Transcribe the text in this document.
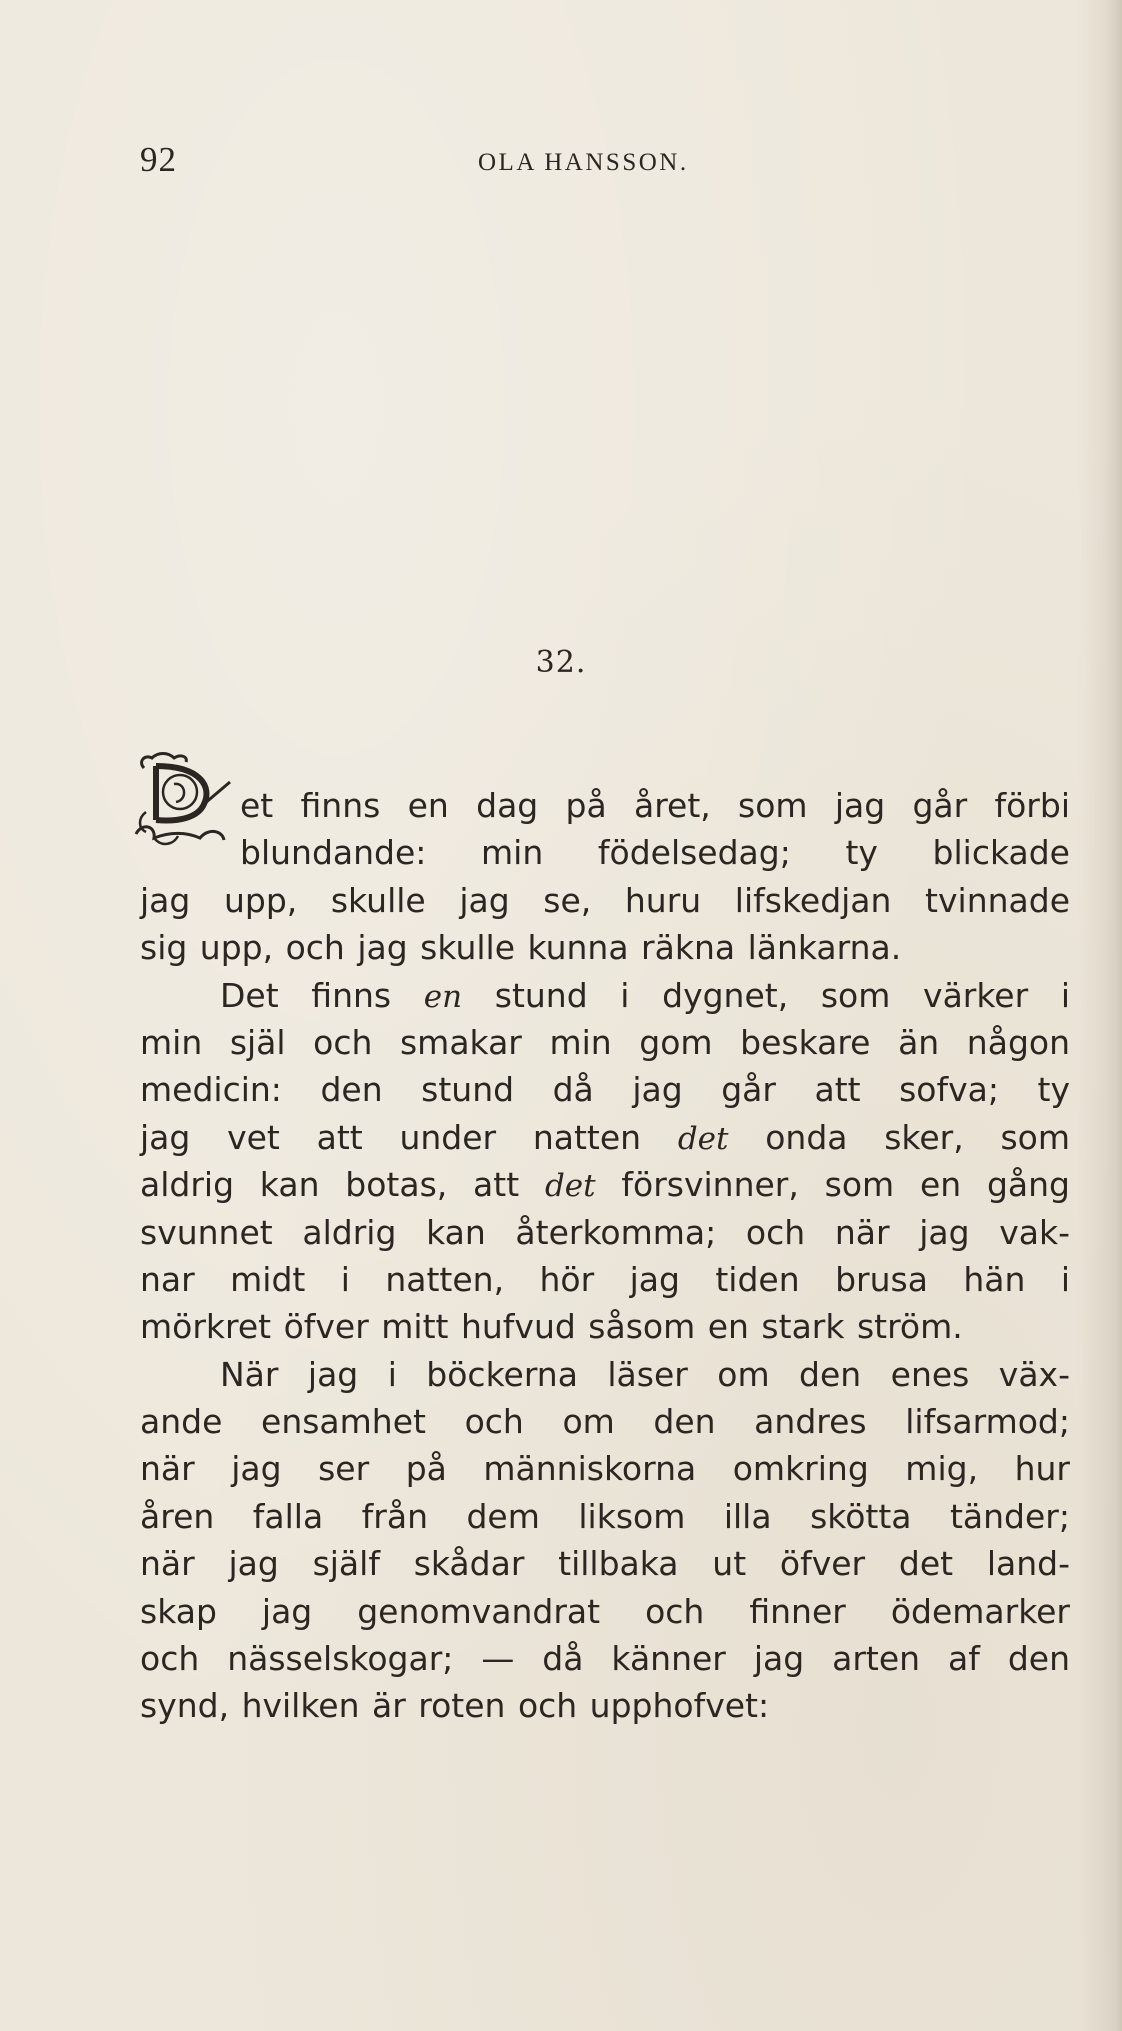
92	OLA HANSSON.
32.
et finns en dag på året, som jag går förbi
blundande: min födelsedag; ty blickade
jag upp, skulle jag se, huru lifskedjan tvinnade
sig upp, och jag skulle kunna räkna länkarna.
Det finns en stund i dygnet, som värker i
min själ och smakar min gom beskare än någon
medicin: den stund då jag går att sofva; ty
jag vet att under natten det onda sker, som
aldrig kan botas, att det försvinner, som en gång
svunnet aldrig kan återkomma; och när jag vak-
nar midt i natten, hör jag tiden brusa hän i
mörkret öfver mitt hufvud såsom en stark ström.
När jag i böckerna läser om den enes väx-
ande ensamhet och om den andres lifsarmod;
när jag ser på människorna omkring mig, hur
åren falla från dem liksom illa skötta tänder;
när jag själf skådar tillbaka ut öfver det land-
skap jag genomvandrat och finner ödemarker
och nässelskogar; — då känner jag arten af den
synd, hvilken är roten och upphofvet:
